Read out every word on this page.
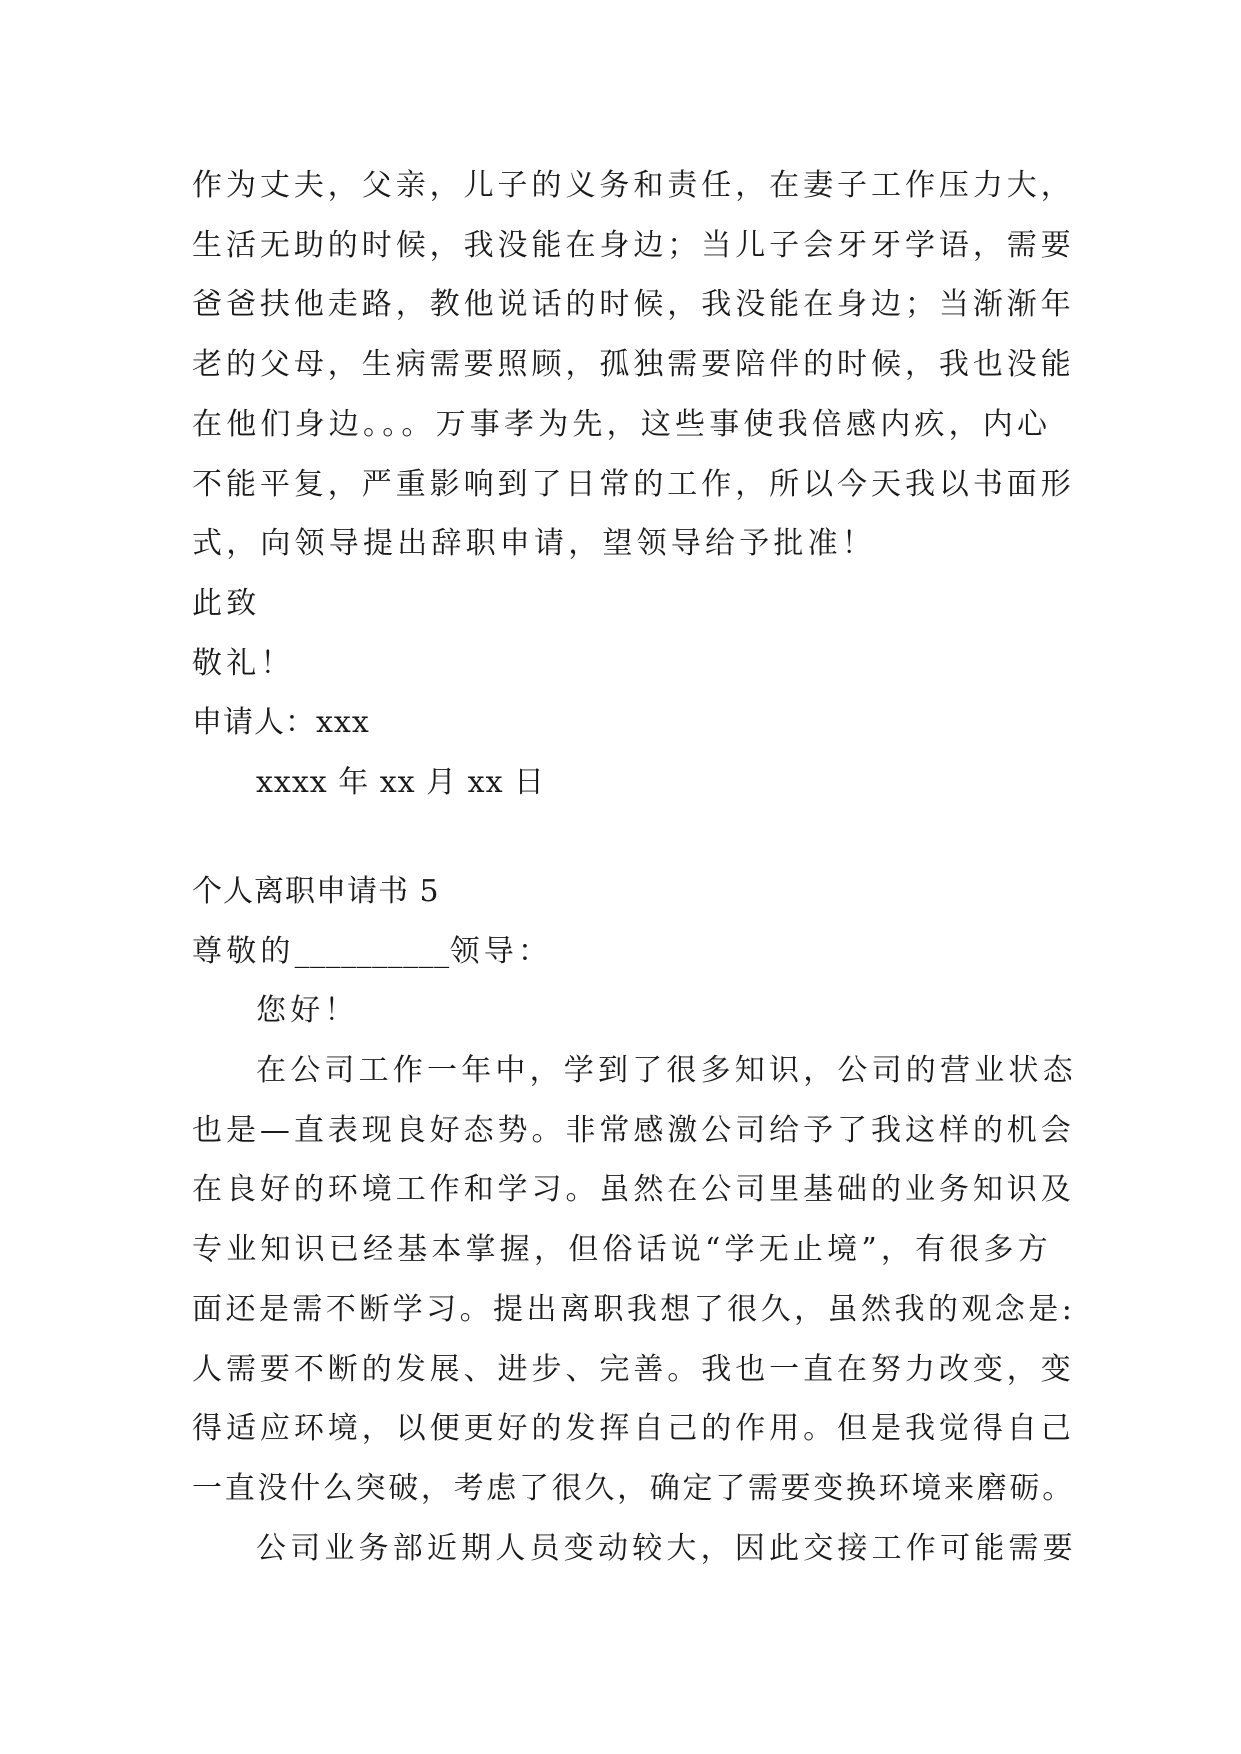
作为丈夫，父亲，儿子的义务和责任，在妻子工作压力大，
生活无助的时候，我没能在身边；当儿子会牙牙学语，需要
爸爸扶他走路，教他说话的时候，我没能在身边；当渐渐年
老的父母，生病需要照顾，孤独需要陪伴的时候，我也没能
在他们身边。。。万事孝为先，这些事使我倍感内疚，内心
不能平复，严重影响到了日常的工作，所以今天我以书面形
式，向领导提出辞职申请，望领导给予批准！
此致
敬礼！
申请人：xxx
xxxx 年 xx 月 xx 日
个人离职申请书 5
尊敬的__________领导：
您好！
在公司工作一年中，学到了很多知识，公司的营业状态
也是—直表现良好态势。非常感激公司给予了我这样的机会
在良好的环境工作和学习。虽然在公司里基础的业务知识及
专业知识已经基本掌握，但俗话说“学无止境”，有很多方
面还是需不断学习。提出离职我想了很久，虽然我的观念是:
人需要不断的发展、进步、完善。我也一直在努力改变，变
得适应环境，以便更好的发挥自己的作用。但是我觉得自己
一直没什么突破，考虑了很久，确定了需要变换环境来磨砺。
公司业务部近期人员变动较大，因此交接工作可能需要
